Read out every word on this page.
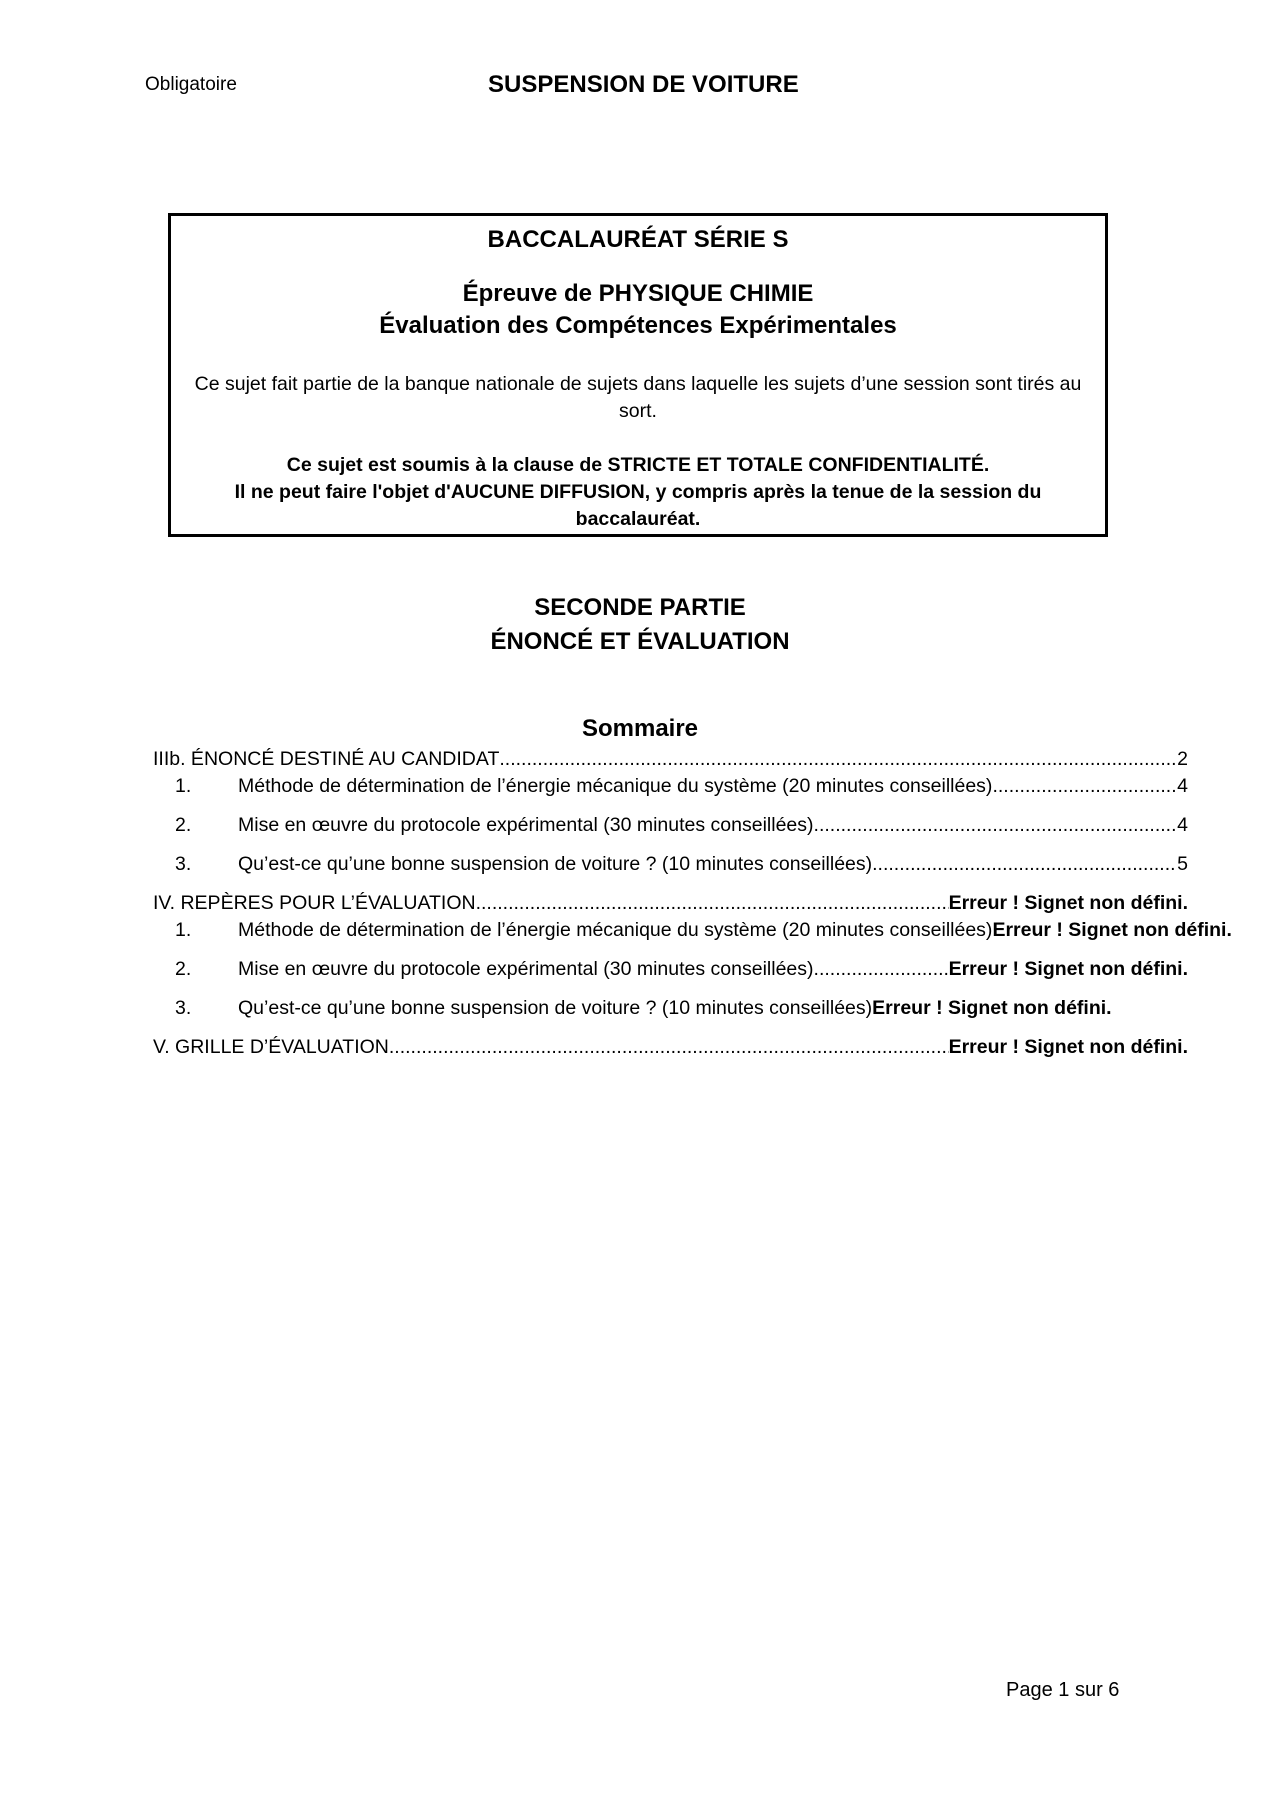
Obligatoire	SUSPENSION DE VOITURE
BACCALAURÉAT SÉRIE S
Épreuve de PHYSIQUE CHIMIE
Évaluation des Compétences Expérimentales
Ce sujet fait partie de la banque nationale de sujets dans laquelle les sujets d’une session sont tirés au sort.
Ce sujet est soumis à la clause de STRICTE ET TOTALE CONFIDENTIALITÉ.
Il ne peut faire l'objet d'AUCUNE DIFFUSION, y compris après la tenue de la session du baccalauréat.
SECONDE PARTIE
ÉNONCÉ ET ÉVALUATION
Sommaire
IIIb. ÉNONCÉ DESTINÉ AU CANDIDAT .....	2
1.	Méthode de détermination de l’énergie mécanique du système (20 minutes conseillées) .....	4
2.	Mise en œuvre du protocole expérimental (30 minutes conseillées) .....	4
3.	Qu’est-ce qu’une bonne suspension de voiture ? (10 minutes conseillées) .....	5
IV. REPÈRES POUR L’ÉVALUATION .....	Erreur ! Signet non défini.
1.	Méthode de détermination de l’énergie mécanique du système (20 minutes conseillées) Erreur ! Signet non défini.
2.	Mise en œuvre du protocole expérimental (30 minutes conseillées) .....	Erreur ! Signet non défini.
3.	Qu’est-ce qu’une bonne suspension de voiture ? (10 minutes conseillées) Erreur ! Signet non défini.
V. GRILLE D’ÉVALUATION .....	Erreur ! Signet non défini.
Page 1 sur 6
